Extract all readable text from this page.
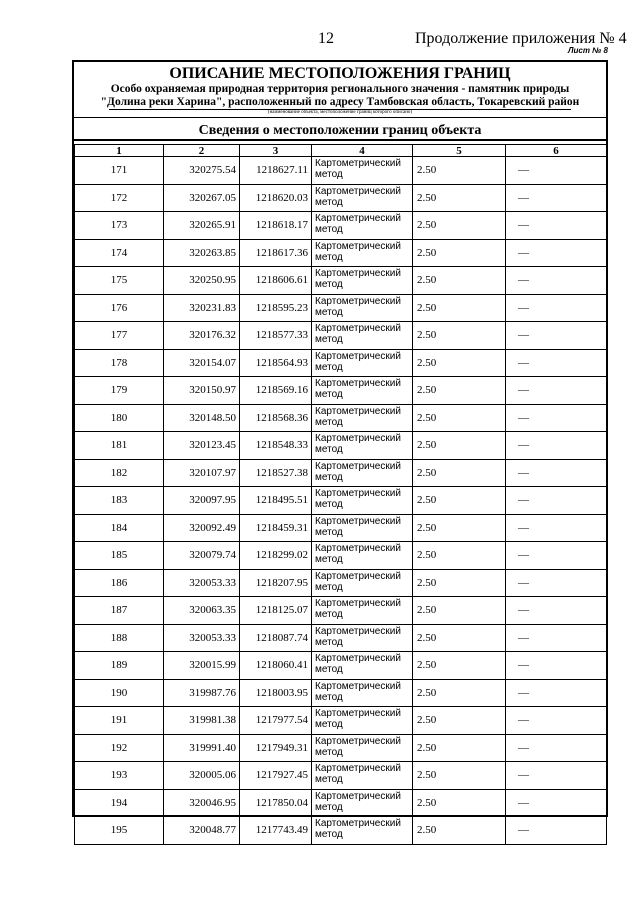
12	Продолжение приложения № 4
Лист № 8
ОПИСАНИЕ МЕСТОПОЛОЖЕНИЯ ГРАНИЦ
Особо охраняемая природная территория регионального значения - памятник природы
"Долина реки Харина", расположенный по адресу Тамбовская область, Токаревский район
(наименование объекта, местоположение границ которого описано)
Сведения о местоположении границ объекта
1	2	3	4	5	6
171	320275.54	1218627.11	Картометрический метод	2.50	—
172	320267.05	1218620.03	Картометрический метод	2.50	—
173	320265.91	1218618.17	Картометрический метод	2.50	—
174	320263.85	1218617.36	Картометрический метод	2.50	—
175	320250.95	1218606.61	Картометрический метод	2.50	—
176	320231.83	1218595.23	Картометрический метод	2.50	—
177	320176.32	1218577.33	Картометрический метод	2.50	—
178	320154.07	1218564.93	Картометрический метод	2.50	—
179	320150.97	1218569.16	Картометрический метод	2.50	—
180	320148.50	1218568.36	Картометрический метод	2.50	—
181	320123.45	1218548.33	Картометрический метод	2.50	—
182	320107.97	1218527.38	Картометрический метод	2.50	—
183	320097.95	1218495.51	Картометрический метод	2.50	—
184	320092.49	1218459.31	Картометрический метод	2.50	—
185	320079.74	1218299.02	Картометрический метод	2.50	—
186	320053.33	1218207.95	Картометрический метод	2.50	—
187	320063.35	1218125.07	Картометрический метод	2.50	—
188	320053.33	1218087.74	Картометрический метод	2.50	—
189	320015.99	1218060.41	Картометрический метод	2.50	—
190	319987.76	1218003.95	Картометрический метод	2.50	—
191	319981.38	1217977.54	Картометрический метод	2.50	—
192	319991.40	1217949.31	Картометрический метод	2.50	—
193	320005.06	1217927.45	Картометрический метод	2.50	—
194	320046.95	1217850.04	Картометрический метод	2.50	—
195	320048.77	1217743.49	Картометрический метод	2.50	—
